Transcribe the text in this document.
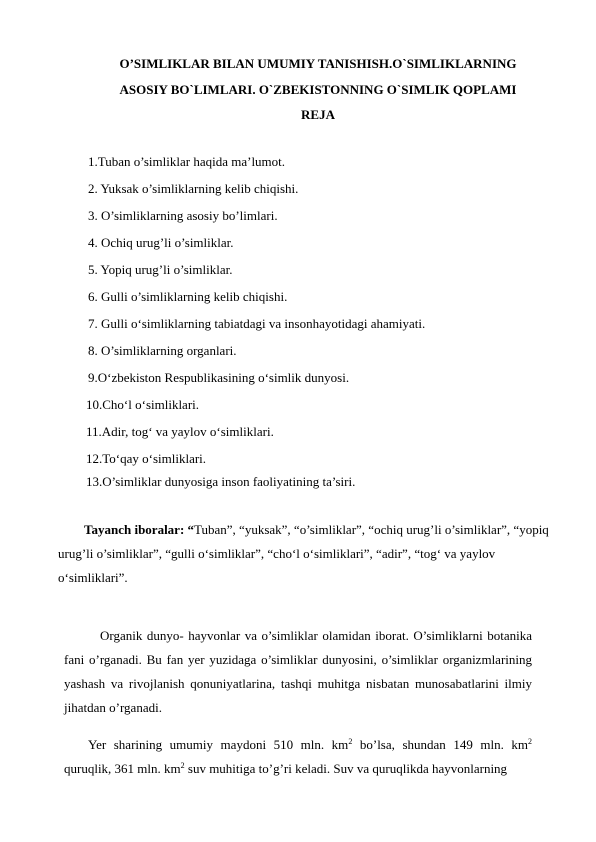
O’SIMLIKLAR BILAN UMUMIY TANISHISH.O`SIMLIKLARNING
ASOSIY BO`LIMLARI. O`ZBEKISTONNING O`SIMLIK QOPLAMI
REJA
1.Tuban o’simliklar haqida ma’lumot.
2. Yuksak o’simliklarning kelib chiqishi.
3. O’simliklarning asosiy bo’limlari.
4. Ochiq urug’li o’simliklar.
5. Yopiq urug’li o’simliklar.
6. Gulli o’simliklarning kelib chiqishi.
7. Gulli o‘simliklarning tabiatdagi va insonhayotidagi ahamiyati.
8. O’simliklarning organlari.
9.O‘zbekiston Respublikasining o‘simlik dunyosi.
10.Cho‘l o‘simliklari.
11.Adir, tog‘ va yaylov o‘simliklari.
12.To‘qay o‘simliklari.
13.O’simliklar dunyosiga inson faoliyatining ta’siri.
Tayanch iboralar: “Tuban”, “yuksak”, “o’simliklar”, “ochiq urug’li o’simliklar”, “yopiq urug’li o’simliklar”, “gulli o‘simliklar”, “cho‘l o‘simliklari”, “adir”, “tog‘ va yaylov o‘simliklari”.
Organik dunyo- hayvonlar va o’simliklar olamidan iborat. O’simliklarni botanika fani o’rganadi. Bu fan yer yuzidaga o’simliklar dunyosini, o’simliklar organizmlarining yashash va rivojlanish qonuniyatlarina, tashqi muhitga nisbatan munosabatlarini ilmiy jihatdan o’rganadi.
Yer sharining umumiy maydoni 510 mln. $km^2$ bo’lsa, shundan 149 mln. $km^2$ quruqlik, 361 mln. $km^2$ suv muhitiga to’g’ri keladi. Suv va quruqlikda hayvonlarning
